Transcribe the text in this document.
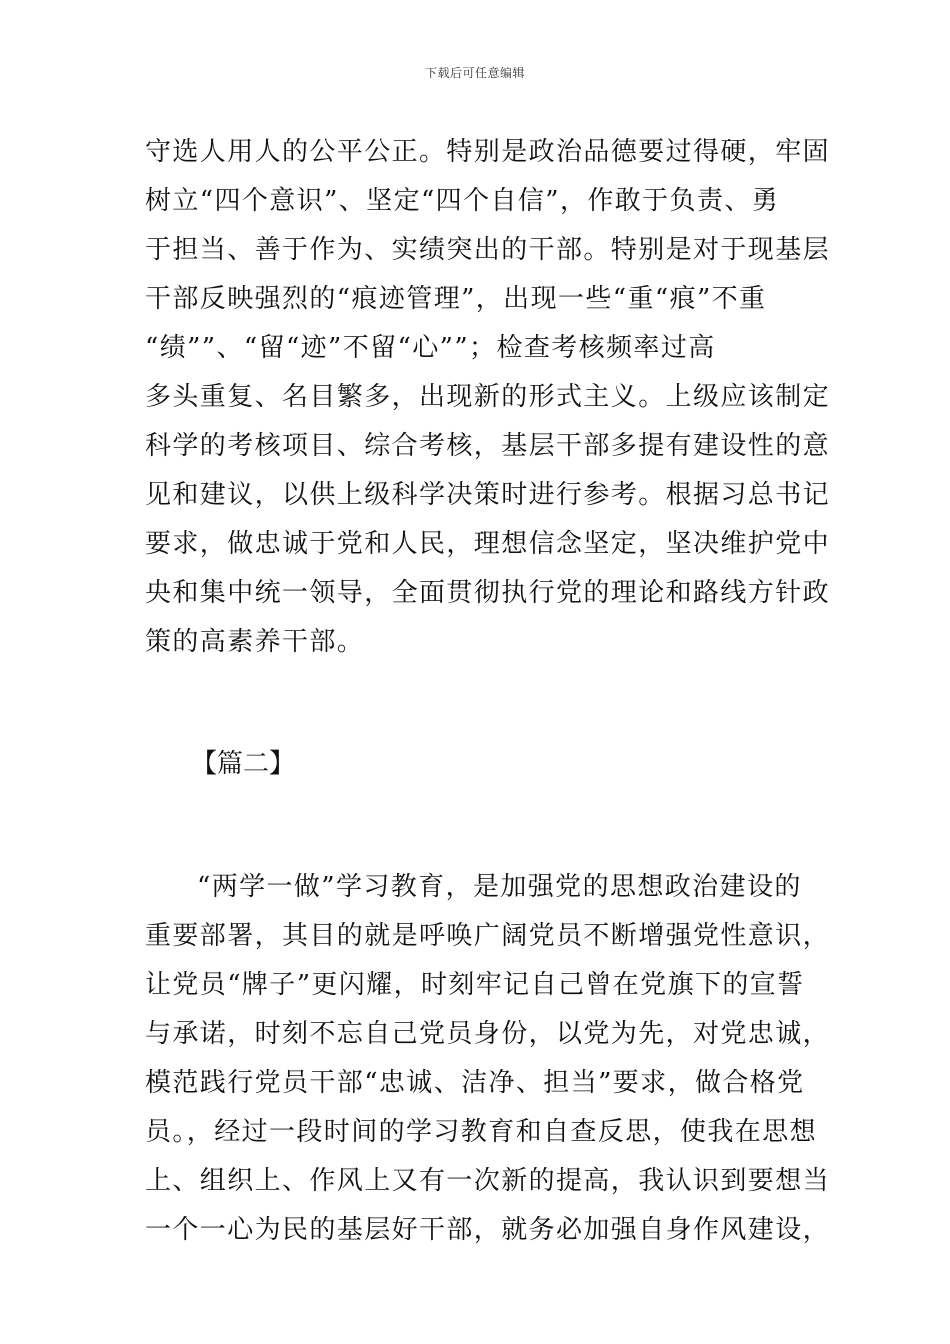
下载后可任意编辑
守选人用人的公平公正。特别是政治品德要过得硬，牢固
树立“四个意识”、坚定“四个自信”，作敢于负责、勇
于担当、善于作为、实绩突出的干部。特别是对于现基层
干部反映强烈的“痕迹管理”，出现一些“重“痕”不重
“绩””、“留“迹”不留“心””；检查考核频率过高
多头重复、名目繁多，出现新的形式主义。上级应该制定
科学的考核项目、综合考核，基层干部多提有建设性的意
见和建议，以供上级科学决策时进行参考。根据习总书记
要求，做忠诚于党和人民，理想信念坚定，坚决维护党中
央和集中统一领导，全面贯彻执行党的理论和路线方针政
策的高素养干部。
【篇二】
“两学一做”学习教育，是加强党的思想政治建设的
重要部署，其目的就是呼唤广阔党员不断增强党性意识，
让党员“牌子”更闪耀，时刻牢记自己曾在党旗下的宣誓
与承诺，时刻不忘自己党员身份，以党为先，对党忠诚，
模范践行党员干部“忠诚、洁净、担当”要求，做合格党
员。，经过一段时间的学习教育和自查反思，使我在思想
上、组织上、作风上又有一次新的提高，我认识到要想当
一个一心为民的基层好干部，就务必加强自身作风建设，
